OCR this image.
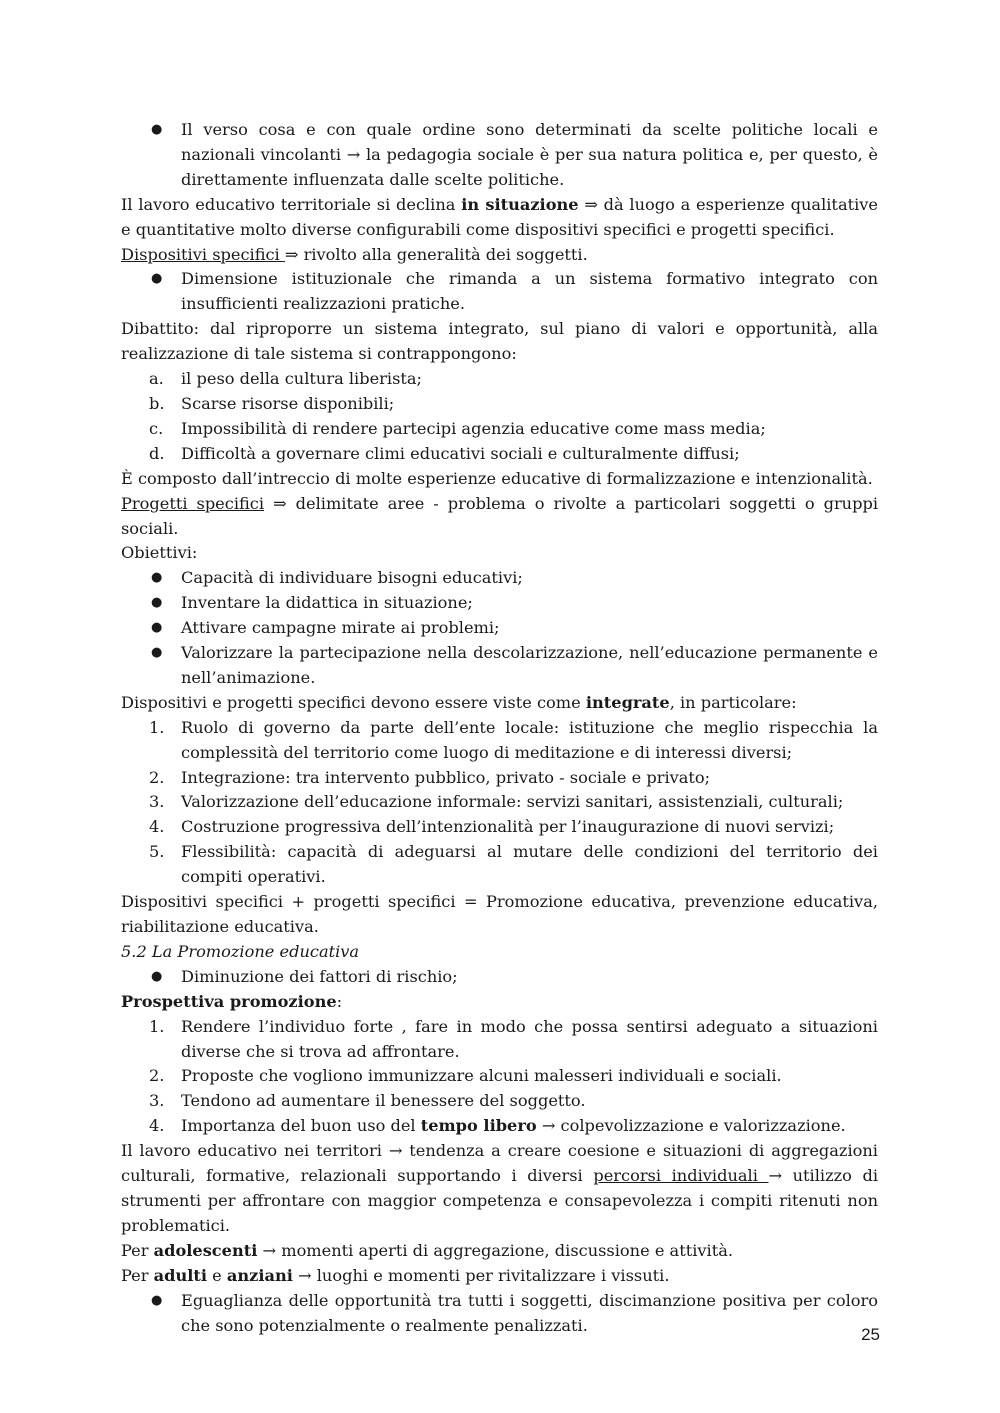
●	Il verso cosa e con quale ordine sono determinati da scelte politiche locali e nazionali vincolanti → la pedagogia sociale è per sua natura politica e, per questo, è direttamente influenzata dalle scelte politiche.
Il lavoro educativo territoriale si declina in situazione ⇒ dà luogo a esperienze qualitative e quantitative molto diverse configurabili come dispositivi specifici e progetti specifici.
Dispositivi specifici ⇒ rivolto alla generalità dei soggetti.
●	Dimensione istituzionale che rimanda a un sistema formativo integrato con insufficienti realizzazioni pratiche.
Dibattito: dal riproporre un sistema integrato, sul piano di valori e opportunità, alla realizzazione di tale sistema si contrappongono:
a.	il peso della cultura liberista;
b.	Scarse risorse disponibili;
c.	Impossibilità di rendere partecipi agenzia educative come mass media;
d.	Difficoltà a governare climi educativi sociali e culturalmente diffusi;
È composto dall’intreccio di molte esperienze educative di formalizzazione e intenzionalità.
Progetti specifici ⇒ delimitate aree - problema o rivolte a particolari soggetti o gruppi sociali.
Obiettivi:
●	Capacità di individuare bisogni educativi;
●	Inventare la didattica in situazione;
●	Attivare campagne mirate ai problemi;
●	Valorizzare la partecipazione nella descolarizzazione, nell’educazione permanente e nell’animazione.
Dispositivi e progetti specifici devono essere viste come integrate, in particolare:
1.	Ruolo di governo da parte dell’ente locale: istituzione che meglio rispecchia la complessità del territorio come luogo di meditazione e di interessi diversi;
2.	Integrazione: tra intervento pubblico, privato - sociale e privato;
3.	Valorizzazione dell’educazione informale: servizi sanitari, assistenziali, culturali;
4.	Costruzione progressiva dell’intenzionalità per l’inaugurazione di nuovi servizi;
5.	Flessibilità: capacità di adeguarsi al mutare delle condizioni del territorio dei compiti operativi.
Dispositivi specifici + progetti specifici = Promozione educativa, prevenzione educativa, riabilitazione educativa.
5.2 La Promozione educativa
●	Diminuzione dei fattori di rischio;
Prospettiva promozione:
1.	Rendere l’individuo forte , fare in modo che possa sentirsi adeguato a situazioni diverse che si trova ad affrontare.
2.	Proposte che vogliono immunizzare alcuni malesseri individuali e sociali.
3.	Tendono ad aumentare il benessere del soggetto.
4.	Importanza del buon uso del tempo libero → colpevolizzazione e valorizzazione.
Il lavoro educativo nei territori → tendenza a creare coesione e situazioni di aggregazioni culturali, formative, relazionali supportando i diversi percorsi individuali → utilizzo di strumenti per affrontare con maggior competenza e consapevolezza i compiti ritenuti non problematici.
Per adolescenti → momenti aperti di aggregazione, discussione e attività.
Per adulti e anziani → luoghi e momenti per rivitalizzare i vissuti.
●	Eguaglianza delle opportunità tra tutti i soggetti, discimanzione positiva per coloro che sono potenzialmente o realmente penalizzati.	25
